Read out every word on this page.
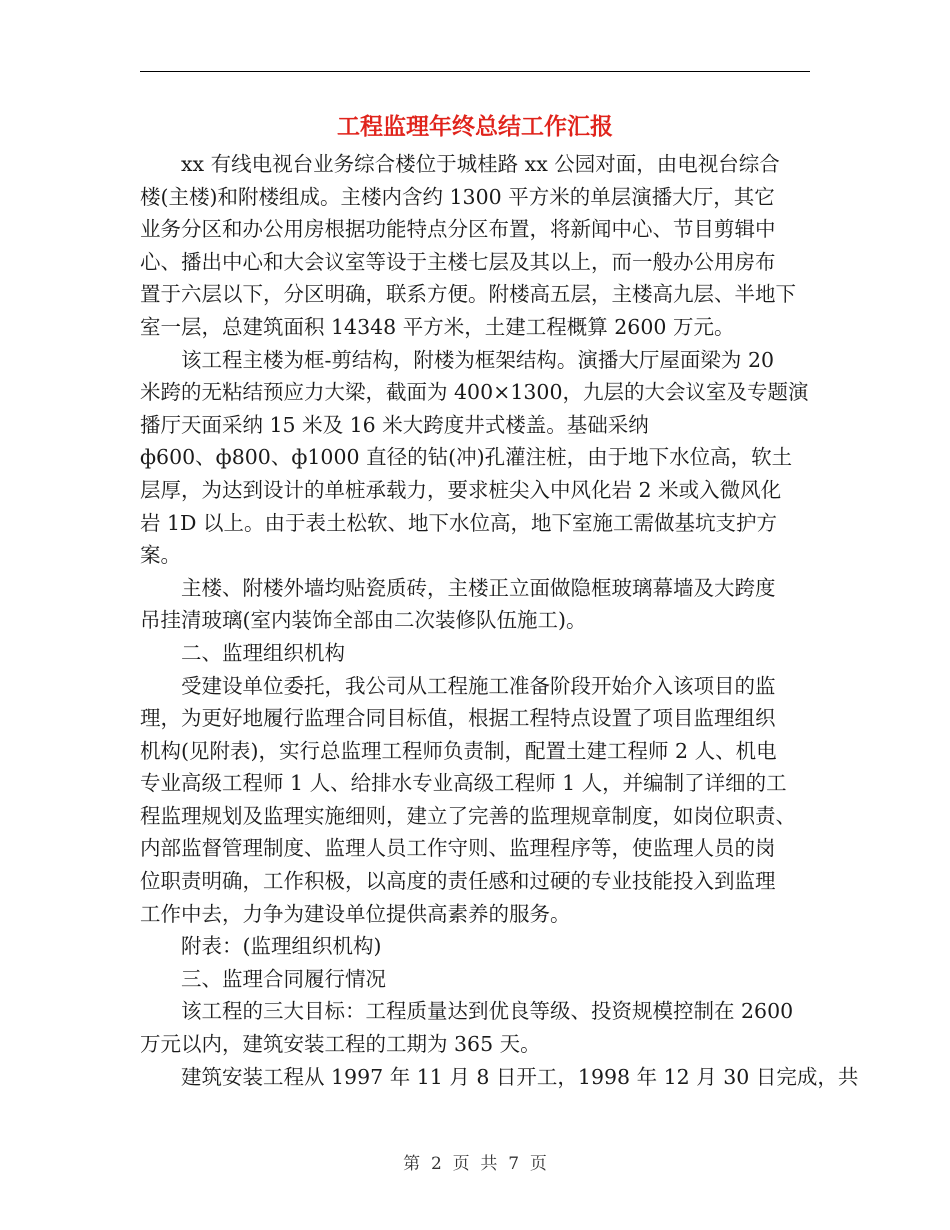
工程监理年终总结工作汇报
xx 有线电视台业务综合楼位于城桂路 xx 公园对面，由电视台综合
楼(主楼)和附楼组成。主楼内含约 1300 平方米的单层演播大厅，其它
业务分区和办公用房根据功能特点分区布置，将新闻中心、节目剪辑中
心、播出中心和大会议室等设于主楼七层及其以上，而一般办公用房布
置于六层以下，分区明确，联系方便。附楼高五层，主楼高九层、半地下
室一层，总建筑面积 14348 平方米，土建工程概算 2600 万元。
该工程主楼为框-剪结构，附楼为框架结构。演播大厅屋面梁为 20
米跨的无粘结预应力大梁，截面为 400×1300，九层的大会议室及专题演
播厅天面采纳 15 米及 16 米大跨度井式楼盖。基础采纳
ф600、ф800、ф1000 直径的钻(冲)孔灌注桩，由于地下水位高，软土
层厚，为达到设计的单桩承载力，要求桩尖入中风化岩 2 米或入微风化
岩 1D 以上。由于表土松软、地下水位高，地下室施工需做基坑支护方
案。
主楼、附楼外墙均贴瓷质砖，主楼正立面做隐框玻璃幕墙及大跨度
吊挂清玻璃(室内装饰全部由二次装修队伍施工)。
二、监理组织机构
受建设单位委托，我公司从工程施工准备阶段开始介入该项目的监
理，为更好地履行监理合同目标值，根据工程特点设置了项目监理组织
机构(见附表)，实行总监理工程师负责制，配置土建工程师 2 人、机电
专业高级工程师 1 人、给排水专业高级工程师 1 人，并编制了详细的工
程监理规划及监理实施细则，建立了完善的监理规章制度，如岗位职责、
内部监督管理制度、监理人员工作守则、监理程序等，使监理人员的岗
位职责明确，工作积极，以高度的责任感和过硬的专业技能投入到监理
工作中去，力争为建设单位提供高素养的服务。
附表：(监理组织机构)
三、监理合同履行情况
该工程的三大目标：工程质量达到优良等级、投资规模控制在 2600
万元以内，建筑安装工程的工期为 365 天。
建筑安装工程从 1997 年 11 月 8 日开工，1998 年 12 月 30 日完成，共
第  2  页  共  7  页
